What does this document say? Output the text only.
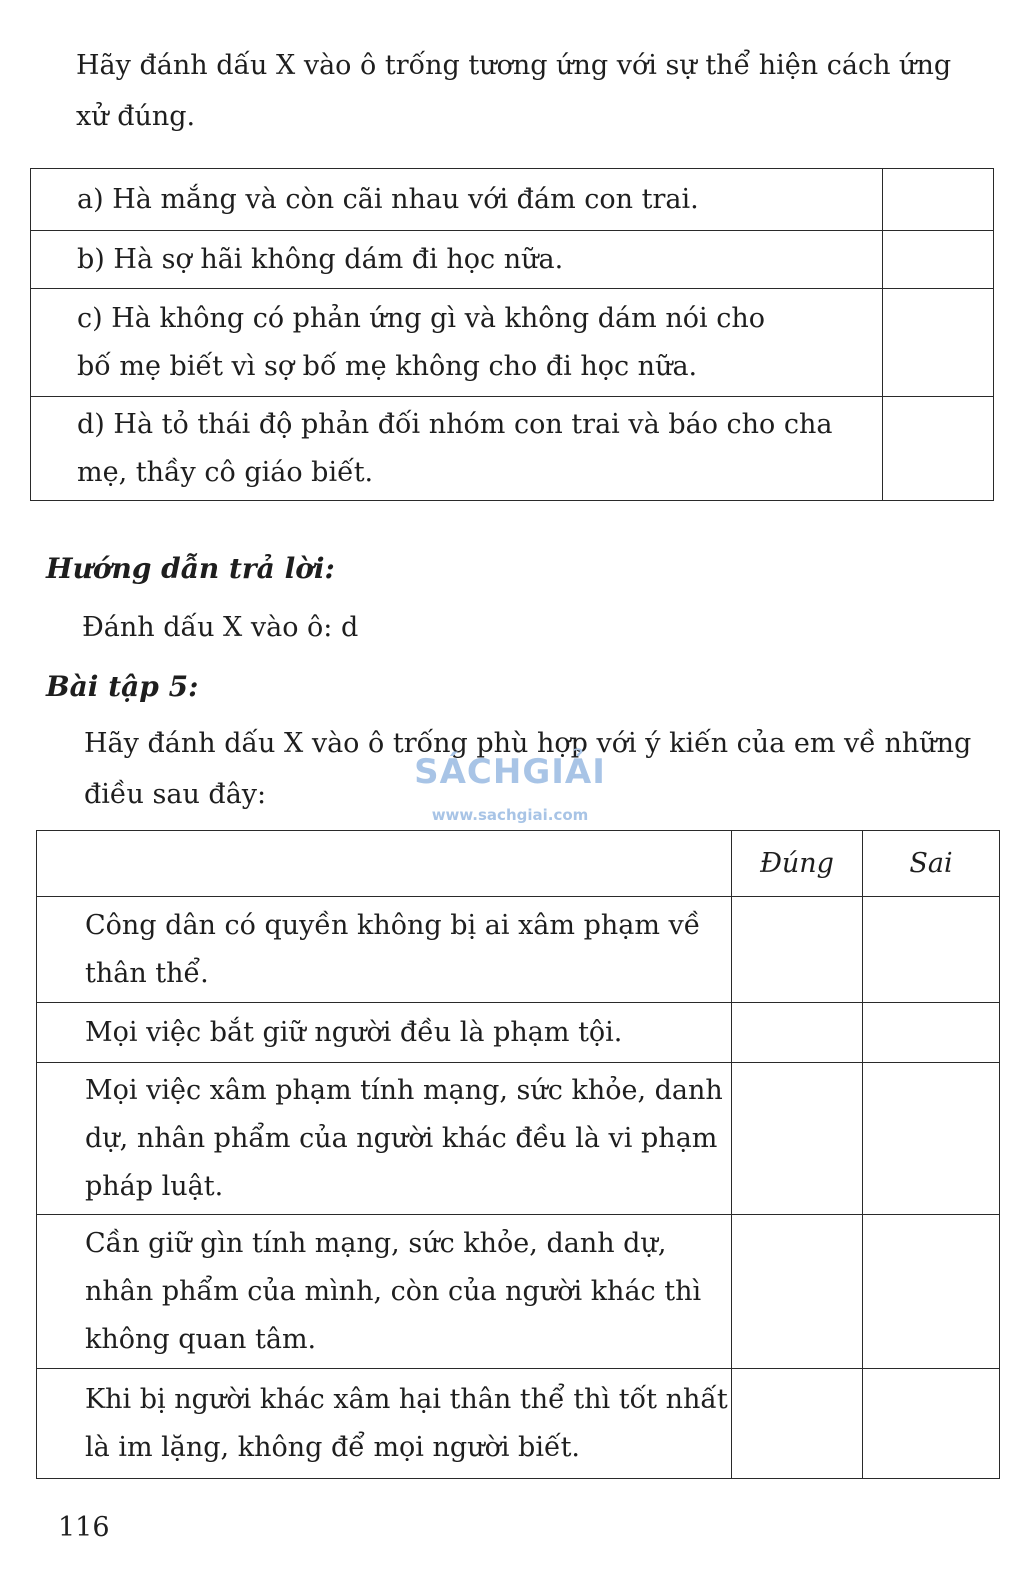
Hãy đánh dấu X vào ô trống tương ứng với sự thể hiện cách ứng xử đúng.

a) Hà mắng và còn cãi nhau với đám con trai.	
b) Hà sợ hãi không dám đi học nữa.	
c) Hà không có phản ứng gì và không dám nói cho bố mẹ biết vì sợ bố mẹ không cho đi học nữa.	
d) Hà tỏ thái độ phản đối nhóm con trai và báo cho cha mẹ, thầy cô giáo biết.	

Hướng dẫn trả lời:

Đánh dấu X vào ô: d

Bài tập 5:

Hãy đánh dấu X vào ô trống phù hợp với ý kiến của em về những điều sau đây:

SÁCHGIẢI
www.sachgiai.com
	Đúng	Sai
Công dân có quyền không bị ai xâm phạm về thân thể.		
Mọi việc bắt giữ người đều là phạm tội.		
Mọi việc xâm phạm tính mạng, sức khỏe, danh dự, nhân phẩm của người khác đều là vi phạm pháp luật.		
Cần giữ gìn tính mạng, sức khỏe, danh dự, nhân phẩm của mình, còn của người khác thì không quan tâm.		
Khi bị người khác xâm hại thân thể thì tốt nhất là im lặng, không để mọi người biết.		
116
